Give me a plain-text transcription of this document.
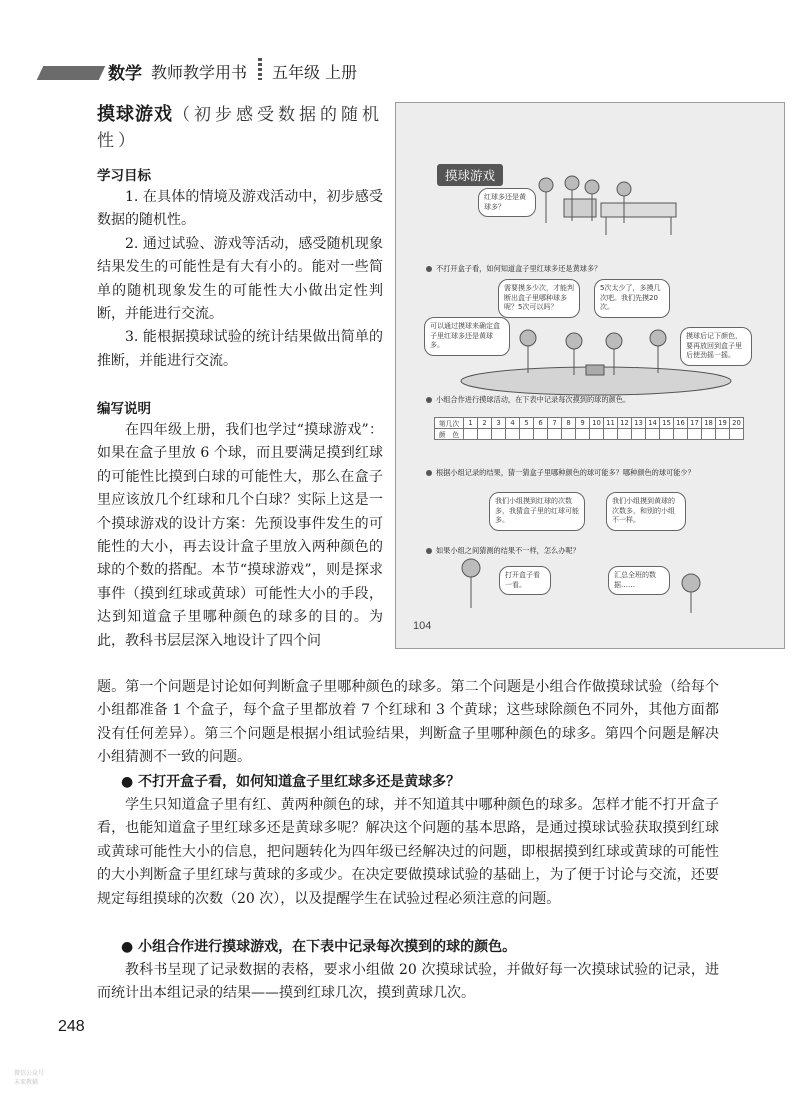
数学 教师教学用书 五年级 上册
摸球游戏（初步感受数据的随机性）
学习目标

1. 在具体的情境及游戏活动中，初步感受数据的随机性。

2. 通过试验、游戏等活动，感受随机现象结果发生的可能性是有大有小的。能对一些简单的随机现象发生的可能性大小做出定性判断，并能进行交流。

3. 能根据摸球试验的统计结果做出简单的推断，并能进行交流。

编写说明

在四年级上册，我们也学过“摸球游戏”：如果在盒子里放 6 个球，而且要满足摸到红球的可能性比摸到白球的可能性大，那么在盒子里应该放几个红球和几个白球？实际上这是一个摸球游戏的设计方案：先预设事件发生的可能性的大小，再去设计盒子里放入两种颜色的球的个数的搭配。本节“摸球游戏”，则是探求事件（摸到红球或黄球）可能性大小的手段，达到知道盒子里哪种颜色的球多的目的。为此，教科书层层深入地设计了四个问

题。第一个问题是讨论如何判断盒子里哪种颜色的球多。第二个问题是小组合作做摸球试验（给每个小组都准备 1 个盒子，每个盒子里都放着 7 个红球和 3 个黄球；这些球除颜色不同外，其他方面都没有任何差异）。第三个问题是根据小组试验结果，判断盒子里哪种颜色的球多。第四个问题是解决小组猜测不一致的问题。

● 不打开盒子看，如何知道盒子里红球多还是黄球多？

学生只知道盒子里有红、黄两种颜色的球，并不知道其中哪种颜色的球多。怎样才能不打开盒子看，也能知道盒子里红球多还是黄球多呢？解决这个问题的基本思路，是通过摸球试验获取摸到红球或黄球可能性大小的信息，把问题转化为四年级已经解决过的问题，即根据摸到红球或黄球的可能性的大小判断盒子里红球与黄球的多或少。在决定要做摸球试验的基础上，为了便于讨论与交流，还要规定每组摸球的次数（20 次），以及提醒学生在试验过程必须注意的问题。

● 小组合作进行摸球游戏，在下表中记录每次摸到的球的颜色。

教科书呈现了记录数据的表格，要求小组做 20 次摸球试验，并做好每一次摸球试验的记录，进而统计出本组记录的结果——摸到红球几次，摸到黄球几次。

248
微信公众号
未来教辅
摸球游戏
红球多还是黄球多？
不打开盒子看，如何知道盒子里红球多还是黄球多？
需要摸多少次，才能判断出盒子里哪种球多呢？5次可以吗？
5次太少了，多摸几次吧。我们先摸20次。
可以通过摸球来确定盒子里红球多还是黄球多。
摸球后记下颜色，要再放回到盒子里后使劲摇一摇。
小组合作进行摸球活动，在下表中记录每次摸到的球的颜色。
第几次	1	2	3	4	5	6	7	8	9	10	11	12	13	14	15	16	17	18	19	20
颜　色																				
根据小组记录的结果，猜一猜盒子里哪种颜色的球可能多？哪种颜色的球可能少？
我们小组摸到红球的次数多，我猜盒子里的红球可能多。
我们小组摸到黄球的次数多，和别的小组不一样。
如果小组之间猜测的结果不一样，怎么办呢？
打开盒子看一看。
汇总全班的数据……
104
